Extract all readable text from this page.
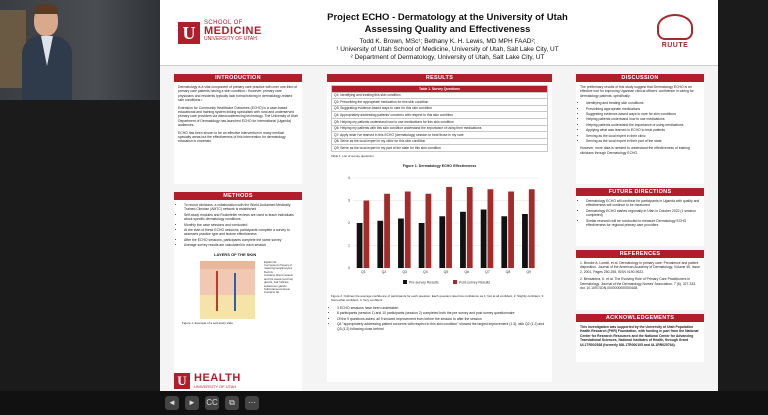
U	SCHOOL OF
MEDICINE
UNIVERSITY OF UTAH
Project ECHO - Dermatology at the University of Utah
Assessing Quality and Effectiveness
Todd K. Brown, MSc¹; Bethany K. H. Lewis, MD MPH FAAD²;
¹ University of Utah School of Medicine, University of Utah, Salt Lake City, UT
² Department of Dermatology, University of Utah, Salt Lake City, UT
RUUTE
INTRODUCTION

Dermatology is a vital component of primary care practice with over one-third of primary care patients having a skin condition.¹ However, primary care physicians and residents typically lack formal training in dermatology-related skin conditions.²

Extension for Community Healthcare Outcomes (ECHO) is a case-based educational and training system linking specialists with rural and underserved primary care providers via videoconferencing technology. The University of Utah Department of Dermatology has launched ECHO for International (Uganda) audiences.

ECHO has been shown to be an effective intervention in many medical specialty areas but the effectiveness of this intervention for dermatology education is uncertain.

METHODS
• To recruit clinicians, a collaboration with the World Acclaimed Medically Trained Clinician (AMTC) network is established
• Self-study modules and Rockefeller reviews are used to teach individuals about specific dermatology conditions
• Monthly live case sessions and conducted
• At the start of these ECHO sessions, participants complete a survey to assesses practice type and lecture effectiveness
• After the ECHO sessions, participants complete the same survey
• Average survey results are calculated for each session
LAYERS OF THE SKIN
Epidermis
Composed of layers of maturing keratinocytes
Dermis
Contains blood vessels and the sweat (eccrine) glands, hair follicles, sebaceous glands
Subcutaneous tissue
Contains fat
Figure 1. Example of a self-study slide
RESULTS
Table 1. Survey Questions
Q1: Identifying and treating this skin condition
Q2: Prescribing the appropriate medication for this skin condition
Q3: Suggesting evidence-based ways to care for this skin condition
Q4: Appropriately addressing patients' concerns with respect to this skin condition
Q5: Helping my patients understand how to use medications for this skin condition
Q6: Helping my patients with this skin condition understand the importance of using their medications
Q7: Apply what I've learned in this ECHO (dermatology) session to treat those in my care
Q8: Serve as the local expert in my clinic for this skin condition
Q9: Serve as the local expert in my part of the state for this skin condition
Table 1. List of survey questions
Figure 1. Dermatology ECHO Effectiveness
0
1
2
3
4
Q1	Q2	Q3	Q4	Q5	Q6	Q7	Q8	Q9
Pre-survey Results	Post-survey Results
Figure 2. Outlines the average confidence of participants for each question. Each question rated low confidence as 1: Not at all confident, 2: Slightly confident, 3: Somewhat confident, 4: Very confident
• 3 ECHO sessions have been undertaken
• 8 participants (session 1) and 10 participants (session 2) completed both the pre survey and post survey questionnaire
• Of the 9 questions asked, all 9 showed improvement from before the session to after the session
• Q4 "appropriately addressing patient concerns with respect to this skin condition" showed the largest improvement (1.3), with Q2 (1.2) and Q3 (1.2) following close behind
DISCUSSION

The preliminary results of this study suggest that Dermatology ECHO is an effective tool for improving Ugandan clinical officers' confidence in caring for dermatology patients, specifically:

• Identifying and treating skin conditions
• Prescribing appropriate medications
• Suggesting evidence-based ways to care for skin conditions
• Helping patients understand how to use medications
• Helping patients understand the importance of using medications
• Applying what was learned in ECHO to treat patients
• Serving as the local expert in their clinic
• Serving as the local expert in their part of the state

However, more data is needed to understand the effectiveness of training clinicians through Dermatology ECHO.

FUTURE DIRECTIONS
• Dermatology ECHO will continue for participants in Uganda with quality and effectiveness will continue to be measured
• Dermatology ECHO started regionally in Utah in October 2022 (1 session completed)
• Similar research will be conducted to measure Dermatology ECHO effectiveness for regional primary care providers
REFERENCES

1. Brooke A, Lowell, et al. Dermatology in primary care: Prevalence and patient disposition. Journal of the American Academy of Dermatology, Volume 45, Issue 2, 2001, Pages 250-255, ISSN 0190-9622.

2. Bensabbra, K. et al. The Evolving Role of Primary Care Practitioners in Dermatology. Journal of the Dermatology Nurses' Association, 7 (6), 327-333. doi: 10.1097/JDN.0000000000000168.

ACKNOWLEDGEMENTS
This investigation was supported by the University of Utah Population Health Research (PHR) Foundation, with funding in part from the National Center for Research Resources and the National Center for Advancing Translational Sciences, National Institutes of Health, through Grant UL1TR002538 (formerly 8UL1TR000105 and UL1RR025764).
U HEALTH
UNIVERSITY OF UTAH
◄	►	CC	⧉	⋯
